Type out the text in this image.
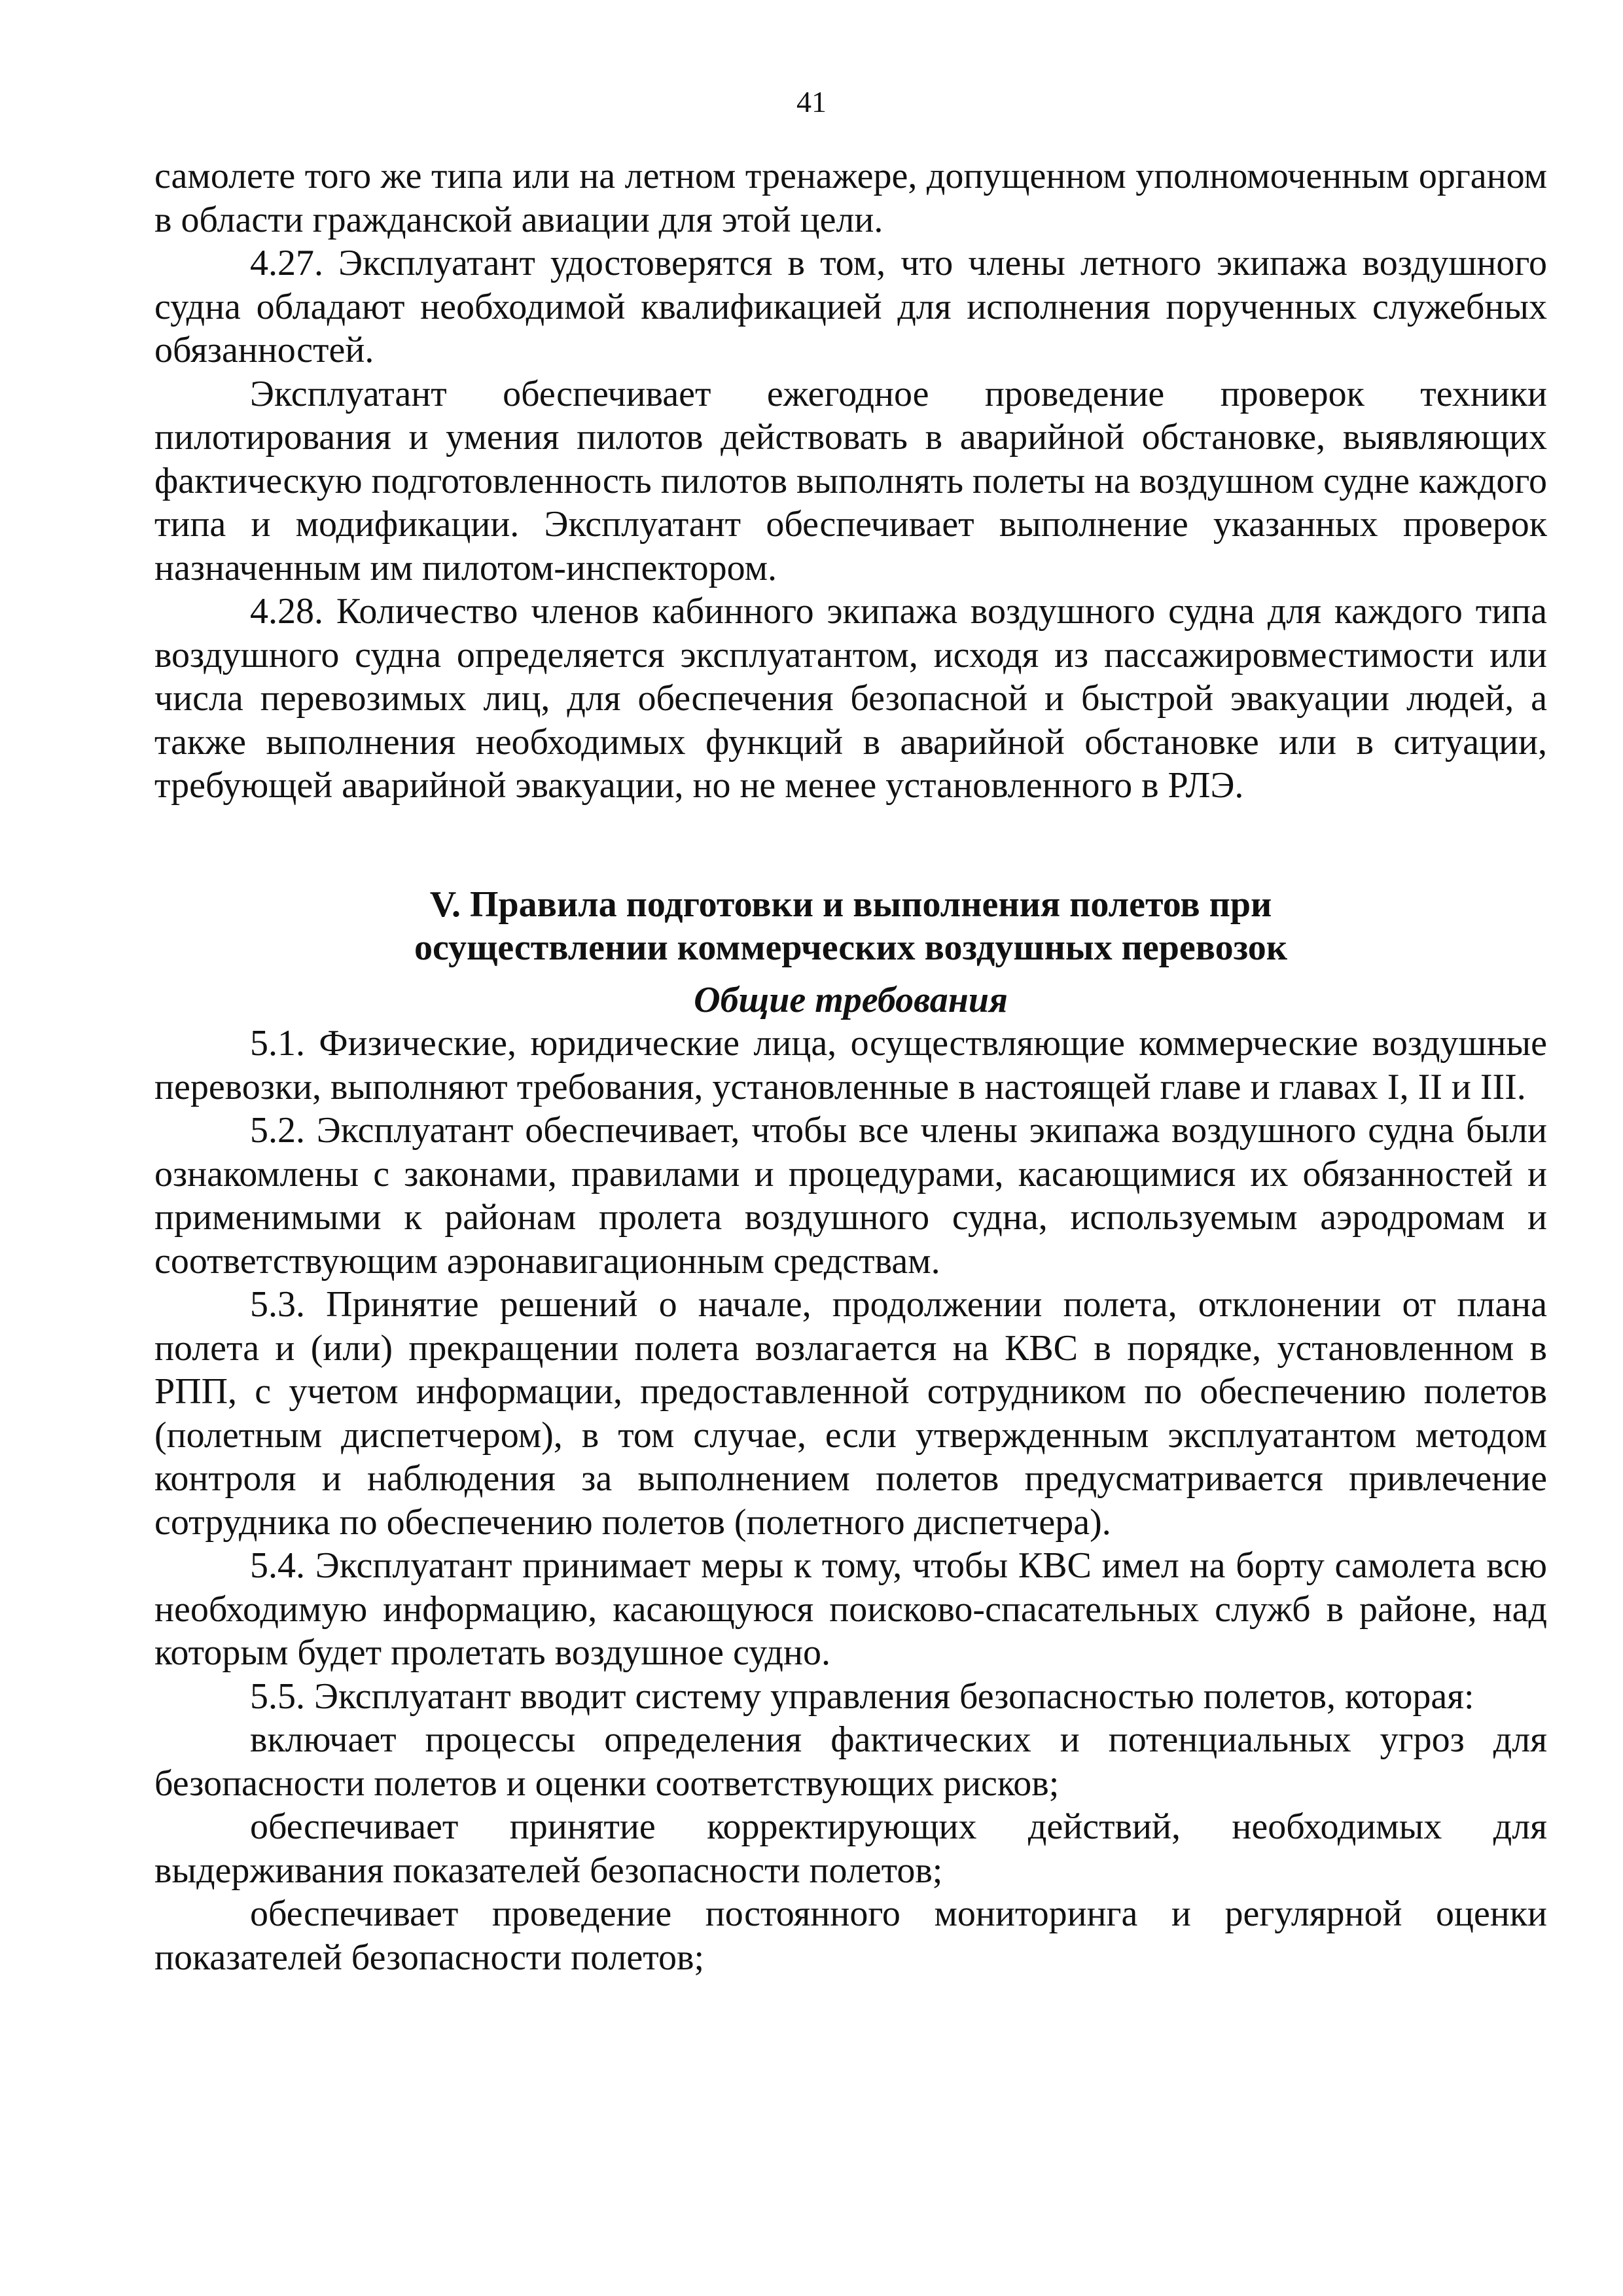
41

самолете того же типа или на летном тренажере, допущенном уполномоченным органом в области гражданской авиации для этой цели.

4.27. Эксплуатант удостоверятся в том, что члены летного экипажа воздушного судна обладают необходимой квалификацией для исполнения порученных служебных обязанностей.

Эксплуатант обеспечивает ежегодное проведение проверок техники пилотирования и умения пилотов действовать в аварийной обстановке, выявляющих фактическую подготовленность пилотов выполнять полеты на воздушном судне каждого типа и модификации. Эксплуатант обеспечивает выполнение указанных проверок назначенным им пилотом-инспектором.

4.28. Количество членов кабинного экипажа воздушного судна для каждого типа воздушного судна определяется эксплуатантом, исходя из пассажировместимости или числа перевозимых лиц, для обеспечения безопасной и быстрой эвакуации людей, а также выполнения необходимых функций в аварийной обстановке или в ситуации, требующей аварийной эвакуации, но не менее установленного в РЛЭ.

V. Правила подготовки и выполнения полетов при
осуществлении коммерческих воздушных перевозок

Общие требования

5.1. Физические, юридические лица, осуществляющие коммерческие воздушные перевозки, выполняют требования, установленные в настоящей главе и главах I, II и III.

5.2. Эксплуатант обеспечивает, чтобы все члены экипажа воздушного судна были ознакомлены с законами, правилами и процедурами, касающимися их обязанностей и применимыми к районам пролета воздушного судна, используемым аэродромам и соответствующим аэронавигационным средствам.

5.3. Принятие решений о начале, продолжении полета, отклонении от плана полета и (или) прекращении полета возлагается на КВС в порядке, установленном в РПП, с учетом информации, предоставленной сотрудником по обеспечению полетов (полетным диспетчером), в том случае, если утвержденным эксплуатантом методом контроля и наблюдения за выполнением полетов предусматривается привлечение сотрудника по обеспечению полетов (полетного диспетчера).

5.4. Эксплуатант принимает меры к тому, чтобы КВС имел на борту самолета всю необходимую информацию, касающуюся поисково-спасательных служб в районе, над которым будет пролетать воздушное судно.

5.5. Эксплуатант вводит систему управления безопасностью полетов, которая:

включает процессы определения фактических и потенциальных угроз для безопасности полетов и оценки соответствующих рисков;

обеспечивает принятие корректирующих действий, необходимых для выдерживания показателей безопасности полетов;

обеспечивает проведение постоянного мониторинга и регулярной оценки показателей безопасности полетов;
